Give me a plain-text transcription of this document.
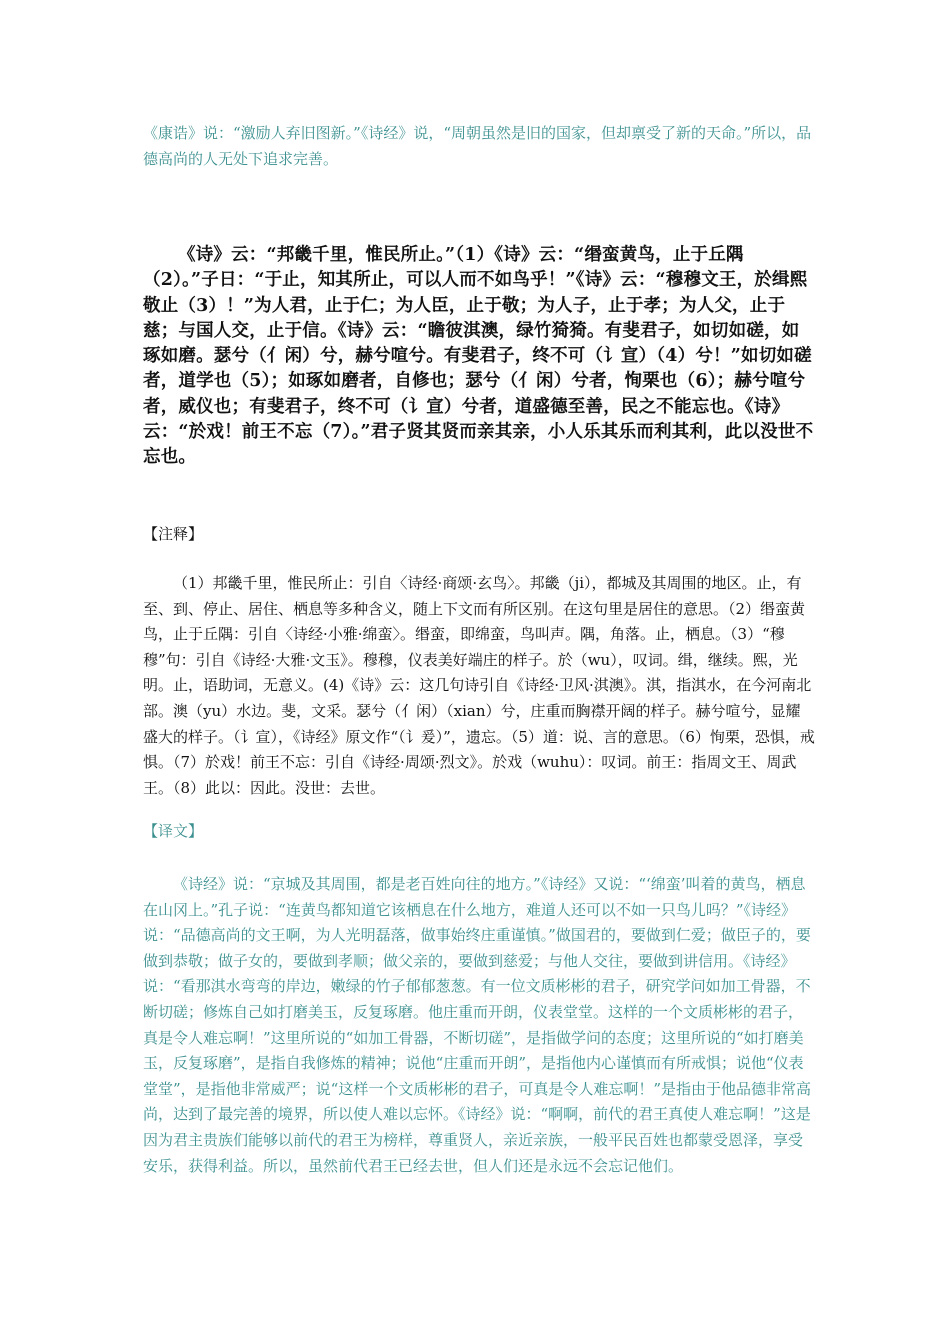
《康诰》说：“激励人弃旧图新。”《诗经》说，“周朝虽然是旧的国家，但却禀受了新的天命。”所以，品德高尚的人无处下追求完善。

《诗》云：“邦畿千里，惟民所止。”（1）《诗》云：“缗蛮黄鸟，止于丘隅（2）。”子日：“于止，知其所止，可以人而不如鸟乎！”《诗》云：“穆穆文王，於缉熙敬止（3）！”为人君，止于仁；为人臣，止于敬；为人子，止于孝；为人父，止于慈；与国人交，止于信。《诗》云：“瞻彼淇澳，绿竹猗猗。有斐君子，如切如磋，如琢如磨。瑟兮（亻闲）兮，赫兮喧兮。有斐君子，终不可（讠宣）（4）兮！”如切如磋者，道学也（5）；如琢如磨者，自修也；瑟兮（亻闲）兮者，恂栗也（6）；赫兮喧兮者，威仪也；有斐君子，终不可（讠宣）兮者，道盛德至善，民之不能忘也。《诗》云：“於戏！前王不忘（7）。”君子贤其贤而亲其亲，小人乐其乐而利其利，此以没世不忘也。

【注释】

（1）邦畿千里，惟民所止：引自〈诗经·商颂·玄鸟〉。邦畿（ji），都城及其周围的地区。止，有至、到、停止、居住、栖息等多种含义，随上下文而有所区别。在这句里是居住的意思。（2）缗蛮黄鸟，止于丘隅：引自〈诗经·小雅·绵蛮〉。缗蛮，即绵蛮，鸟叫声。隅，角落。止，栖息。（3）“穆穆”句：引自《诗经·大雅·文玉》。穆穆，仪表美好端庄的样子。於（wu），叹词。缉，继续。熙，光明。止，语助词，无意义。(4)《诗》云：这几句诗引自《诗经·卫风·淇澳》。淇，指淇水，在今河南北部。澳（yu）水边。斐，文采。瑟兮（亻闲）（xian）兮，庄重而胸襟开阔的样子。赫兮喧兮，显耀盛大的样子。（讠宣），《诗经》原文作“（讠爰）”，遗忘。（5）道：说、言的意思。（6）恂栗，恐惧，戒惧。（7）於戏！前王不忘：引自《诗经·周颂·烈文》。於戏（wuhu）：叹词。前王：指周文王、周武王。（8）此以：因此。没世：去世。

【译文】

《诗经》说：“京城及其周围，都是老百姓向往的地方。”《诗经》又说：“‘绵蛮’叫着的黄鸟，栖息在山冈上。”孔子说：“连黄鸟都知道它该栖息在什么地方，难道人还可以不如一只鸟儿吗？”《诗经》说：“品德高尚的文王啊，为人光明磊落，做事始终庄重谨慎。”做国君的，要做到仁爱；做臣子的，要做到恭敬；做子女的，要做到孝顺；做父亲的，要做到慈爱；与他人交往，要做到讲信用。《诗经》说：“看那淇水弯弯的岸边，嫩绿的竹子郁郁葱葱。有一位文质彬彬的君子，研究学问如加工骨器，不断切磋；修炼自己如打磨美玉，反复琢磨。他庄重而开朗，仪表堂堂。这样的一个文质彬彬的君子，真是令人难忘啊！”这里所说的“如加工骨器，不断切磋”，是指做学问的态度；这里所说的“如打磨美玉，反复琢磨”，是指自我修炼的精神；说他“庄重而开朗”，是指他内心谨慎而有所戒惧；说他“仪表堂堂”，是指他非常威严；说“这样一个文质彬彬的君子，可真是令人难忘啊！”是指由于他品德非常高尚，达到了最完善的境界，所以使人难以忘怀。《诗经》说：“啊啊，前代的君王真使人难忘啊！”这是因为君主贵族们能够以前代的君王为榜样，尊重贤人，亲近亲族，一般平民百姓也都蒙受恩泽，享受安乐，获得利益。所以，虽然前代君王已经去世，但人们还是永远不会忘记他们。
